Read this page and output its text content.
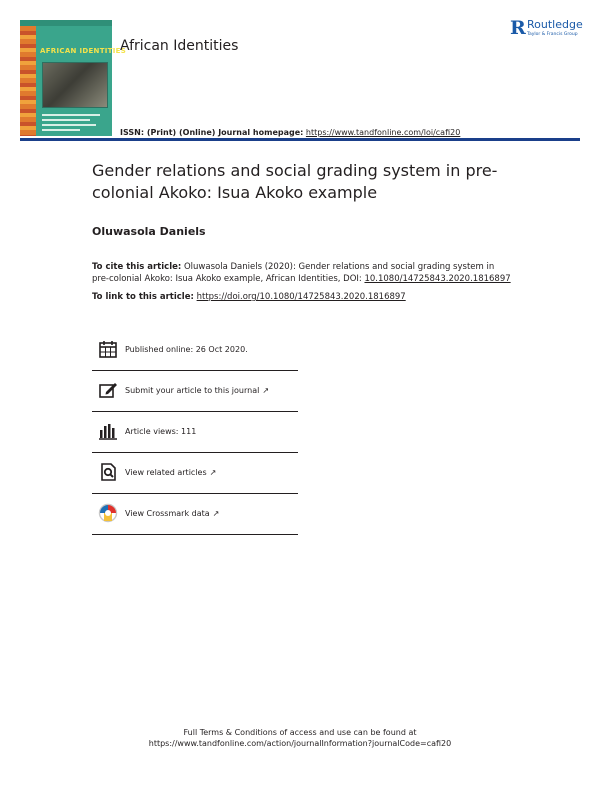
AFRICAN IDENTITIES
African Identities
R Routledge
Taylor & Francis Group
ISSN: (Print) (Online) Journal homepage: https://www.tandfonline.com/loi/cafi20
Gender relations and social grading system in pre-colonial Akoko: Isua Akoko example
Oluwasola Daniels
To cite this article: Oluwasola Daniels (2020): Gender relations and social grading system in pre-colonial Akoko: Isua Akoko example, African Identities, DOI: 10.1080/14725843.2020.1816897
To link to this article: https://doi.org/10.1080/14725843.2020.1816897
Published online: 26 Oct 2020.
Submit your article to this journal ↗
Article views: 111
View related articles ↗
View Crossmark data ↗
Full Terms & Conditions of access and use can be found at
https://www.tandfonline.com/action/journalInformation?journalCode=cafi20
